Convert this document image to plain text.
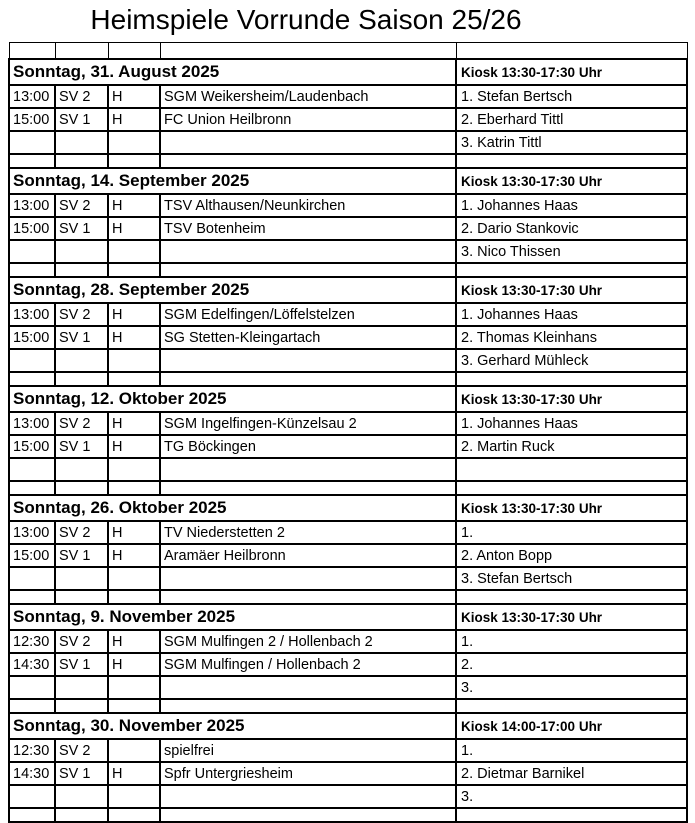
Heimspiele Vorrunde Saison 25/26

Sonntag, 31. August 2025				Kiosk 13:30-17:30 Uhr
13:00	SV 2	H	SGM Weikersheim/Laudenbach	1. Stefan Bertsch
15:00	SV 1	H	FC Union Heilbronn	2. Eberhard Tittl
				3. Katrin Tittl

Sonntag, 14. September 2025				Kiosk 13:30-17:30 Uhr
13:00	SV 2	H	TSV Althausen/Neunkirchen	1. Johannes Haas
15:00	SV 1	H	TSV Botenheim	2. Dario Stankovic
				3. Nico Thissen

Sonntag, 28. September 2025				Kiosk 13:30-17:30 Uhr
13:00	SV 2	H	SGM Edelfingen/Löffelstelzen	1. Johannes Haas
15:00	SV 1	H	SG Stetten-Kleingartach	2. Thomas Kleinhans
				3. Gerhard Mühleck

Sonntag, 12. Oktober 2025				Kiosk 13:30-17:30 Uhr
13:00	SV 2	H	SGM Ingelfingen-Künzelsau 2	1. Johannes Haas
15:00	SV 1	H	TG Böckingen	2. Martin Ruck

Sonntag, 26. Oktober 2025				Kiosk 13:30-17:30 Uhr
13:00	SV 2	H	TV Niederstetten 2	1.
15:00	SV 1	H	Aramäer Heilbronn	2. Anton Bopp
				3. Stefan Bertsch

Sonntag, 9. November 2025				Kiosk 13:30-17:30 Uhr
12:30	SV 2	H	SGM Mulfingen 2 / Hollenbach 2	1.
14:30	SV 1	H	SGM Mulfingen / Hollenbach 2	2.
				3.

Sonntag, 30. November 2025				Kiosk 14:00-17:00 Uhr
12:30	SV 2		spielfrei	1.
14:30	SV 1	H	Spfr Untergriesheim	2. Dietmar Barnikel
				3.
